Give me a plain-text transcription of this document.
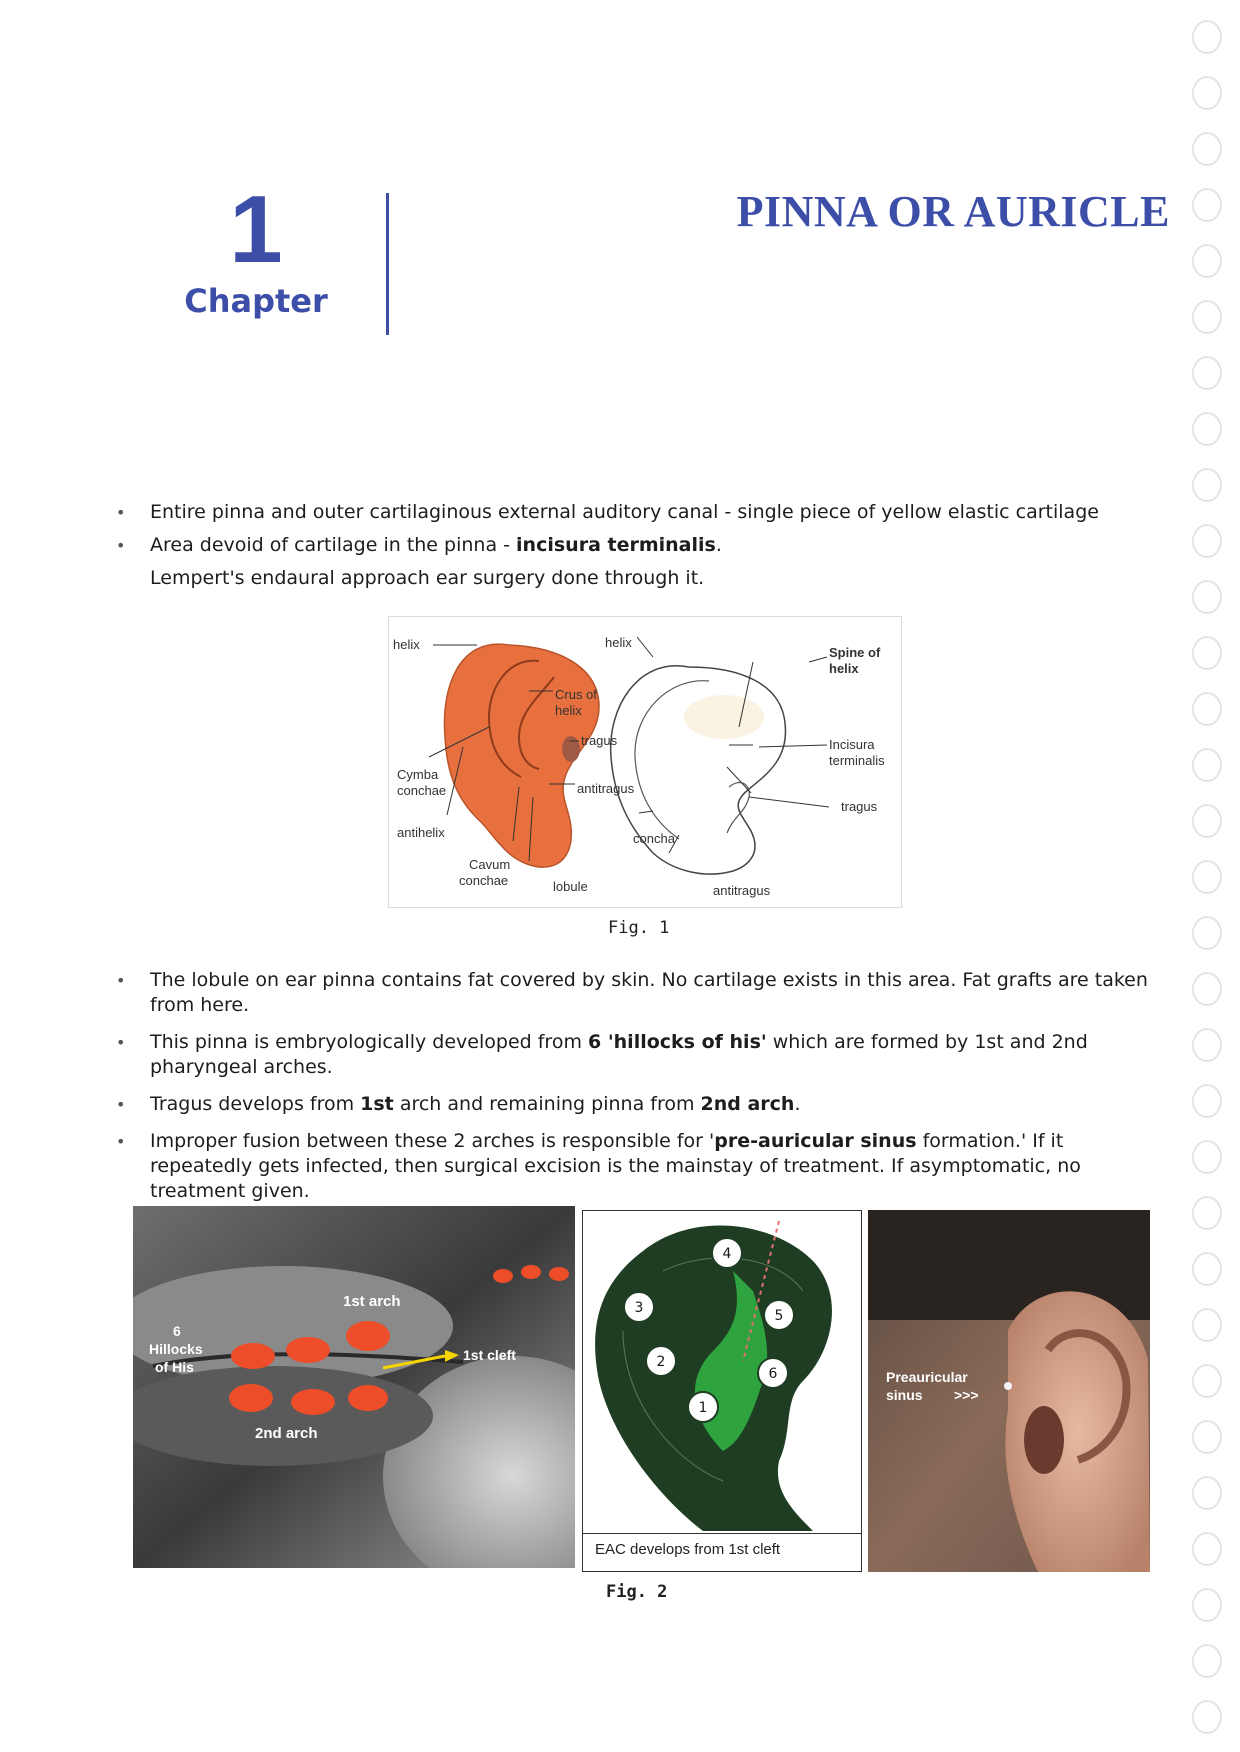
1
Chapter
PINNA OR AURICLE

• Entire pinna and outer cartilaginous external auditory canal - single piece of yellow elastic cartilage

• Area devoid of cartilage in the pinna - incisura terminalis.

Lempert's endaural approach ear surgery done through it.

helix
Crus of
helix
tragus
Cymba
conchae	antitragus
antihelix
Cavum
conchae	lobule
helix
Spine of
helix
Incisura
terminalis
tragus
concha
antitragus
Fig. 1

• The lobule on ear pinna contains fat covered by skin. No cartilage exists in this area. Fat grafts are taken from here.

• This pinna is embryologically developed from 6 'hillocks of his' which are formed by 1st and 2nd pharyngeal arches.

• Tragus develops from 1st arch and remaining pinna from 2nd arch.

• Improper fusion between these 2 arches is responsible for 'pre-auricular sinus formation.' If it repeatedly gets infected, then surgical excision is the mainstay of treatment. If asymptomatic, no treatment given.

1st arch
6
Hillocks
of His
1st cleft
2nd arch
4
3	5
2
6
1
EAC develops from 1st cleft
Preauricular
sinus >>>
Fig. 2
